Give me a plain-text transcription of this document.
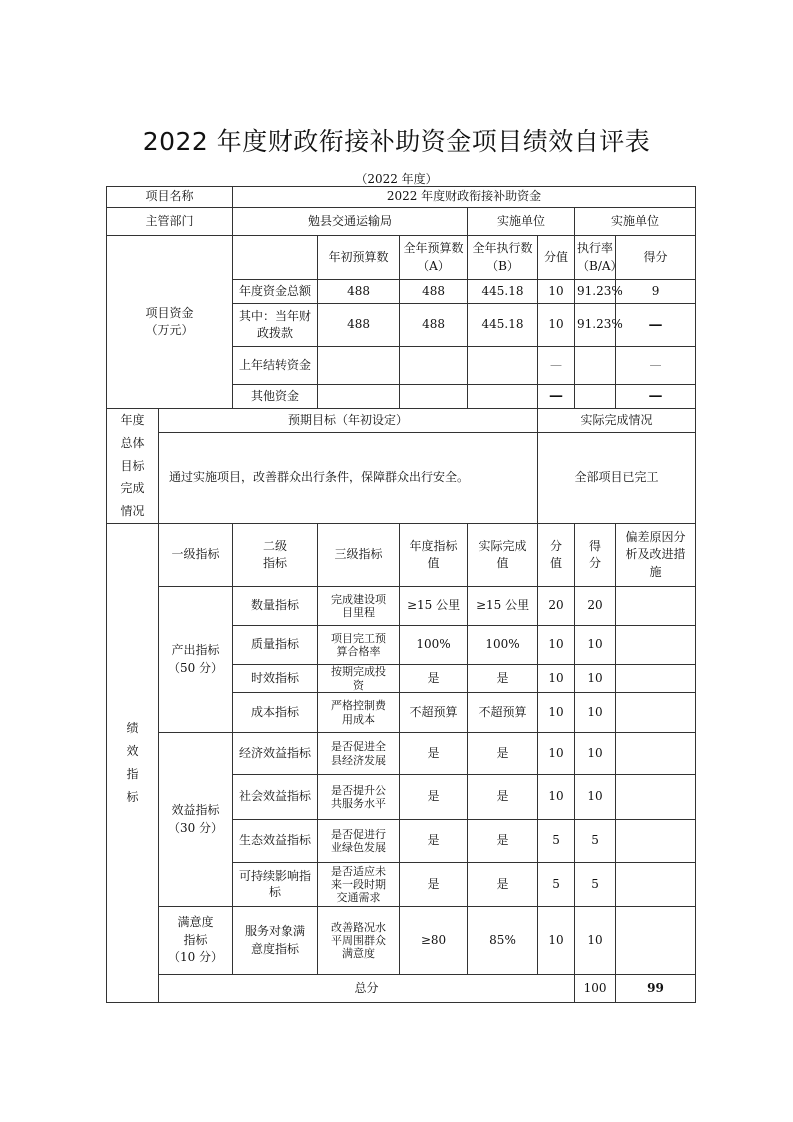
2022 年度财政衔接补助资金项目绩效自评表
（2022 年度）
项目名称		2022 年度财政衔接补助资金							
主管部门		勉县交通运输局			实施单位		实施单位		

项目资金
（万元）			年初预算数	全年预算数（A）	全年执行数（B）	分值	执行率（B/A）	得分	
		年度资金总额	488	488	445.18	10	91.23%	9	
		其中：当年财政拨款	488	488	445.18	10	91.23%	—	
		上年结转资金				—		—	
		其他资金				—		—	

年度总体目标完成情况	预期目标（年初设定）					实际完成情况			
	通过实施项目，改善群众出行条件，保障群众出行安全。					全部项目已完工			

绩效指标	一级指标	二级指标	三级指标	年度指标值	实际完成值	分值	得分	偏差原因分析及改进措施	

	产出指标
（50 分）	数量指标	完成建设项目里程	≥15 公里	≥15 公里	20	20		
		质量指标	项目完工预算合格率	100%	100%	10	10		
		时效指标	按期完成投资	是	是	10	10		
		成本指标	严格控制费用成本	不超预算	不超预算	10	10		

	效益指标
（30 分）	经济效益指标	是否促进全县经济发展	是	是	10	10		

		社会效益指标	是否提升公共服务水平	是	是	10	10		

		生态效益指标	是否促进行业绿色发展	是	是	5	5		

		可持续影响指标	是否适应未来一段时期交通需求	是	是	5	5		

	满意度指标
（10 分）	服务对象满意度指标	改善路况水平周围群众满意度	≥80	85%	10	10		
	总分						100	99	
